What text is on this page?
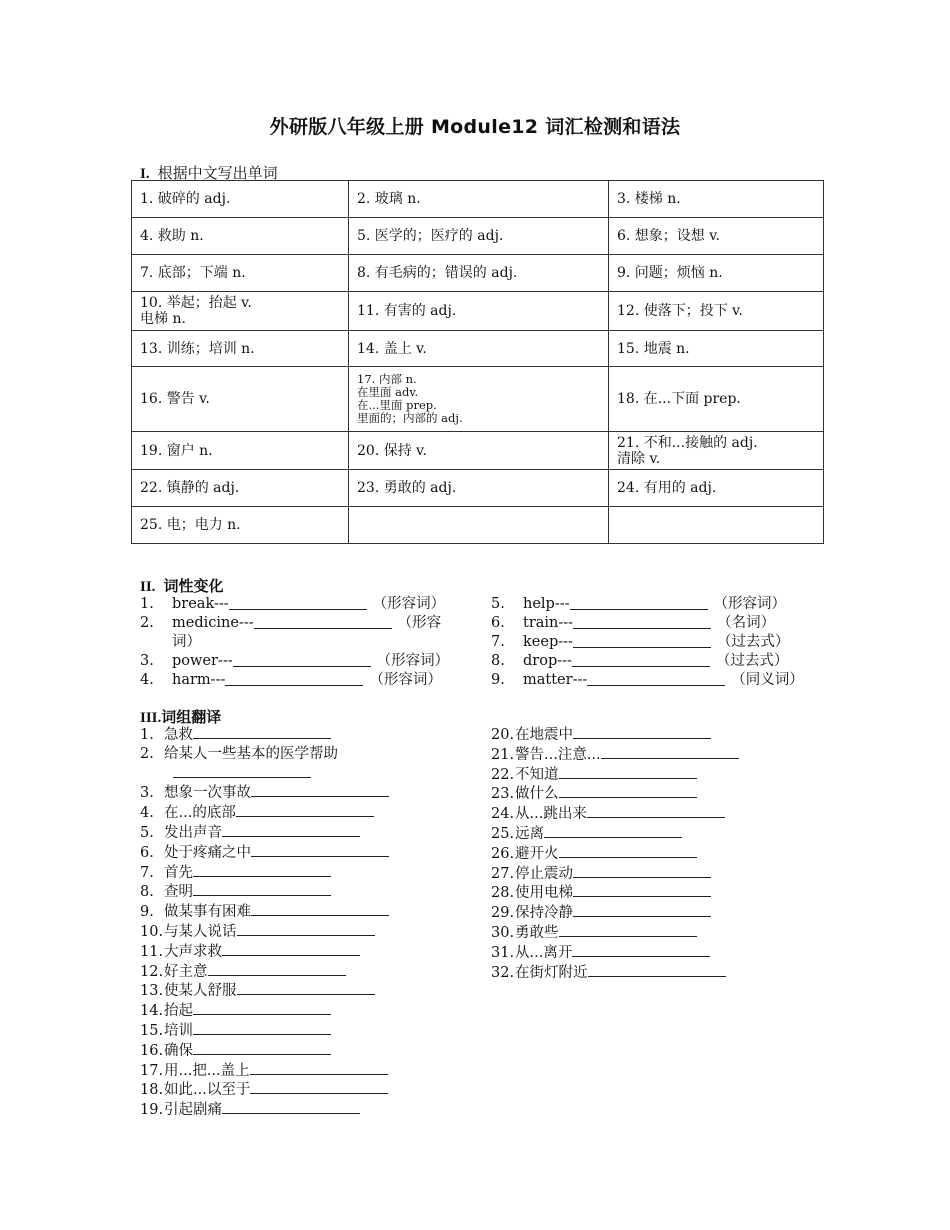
外研版八年级上册 Module12 词汇检测和语法
I. 根据中文写出单词
1. 破碎的 adj.	2. 玻璃 n.	3. 楼梯 n.

4. 救助 n.	5. 医学的；医疗的 adj.	6. 想象；设想 v.

7. 底部；下端 n.	8. 有毛病的；错误的 adj.	9. 问题；烦恼 n.

10. 举起；抬起 v.
电梯 n.	11. 有害的 adj.	12. 使落下；投下 v.

13. 训练；培训 n.	14. 盖上 v.	15. 地震 n.

16. 警告 v.	17. 内部 n.
在里面 adv.
在...里面 prep.
里面的；内部的 adj.	18. 在...下面 prep.

19. 窗户 n.	20. 保持 v.	21. 不和...接触的 adj.
清除 v.

22. 镇静的 adj.	23. 勇敢的 adj.	24. 有用的 adj.

25. 电；电力 n.		

II. 词性变化
1.	break---	（形容词）
2.	medicine---	（形容
词）
3.	power---	（形容词）
4.	harm---	（形容词）
5.	help---	（形容词）
6.	train---	（名词）
7.	keep---	（过去式）
8.	drop---	（过去式）
9.	matter---	（同义词）
III.词组翻译
1. 急救
2. 给某人一些基本的医学帮助
3. 想象一次事故
4. 在...的底部
5. 发出声音
6. 处于疼痛之中
7. 首先
8. 查明
9. 做某事有困难
10.与某人说话
11.大声求救
12.好主意
13.使某人舒服
14.抬起
15.培训
16.确保
17.用...把...盖上
18.如此...以至于
19.引起剧痛
20.在地震中
21.警告...注意...
22.不知道
23.做什么
24.从...跳出来
25.远离
26.避开火
27.停止震动
28.使用电梯
29.保持冷静
30.勇敢些
31.从...离开
32.在街灯附近
